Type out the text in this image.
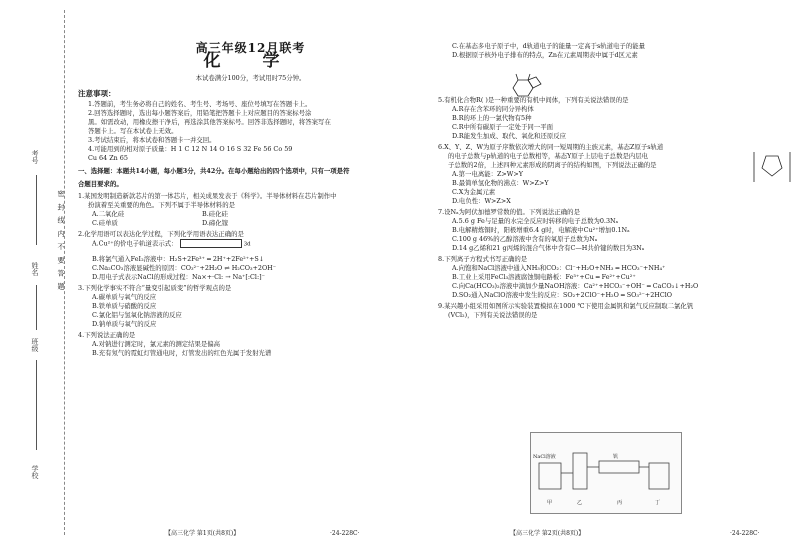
考号
姓名
班级
学校
密 封 线 内 不 要 答 题
高三年级12月联考
化 学
本试卷满分100分，考试用时75分钟。
注意事项：
1.答题前，考生务必将自己的姓名、考生号、考场号、座位号填写在答题卡上。
2.回答选择题时，选出每小题答案后，用铅笔把答题卡上对应题目的答案标号涂
黑。如需改动，用橡皮擦干净后，再选涂其他答案标号。回答非选择题时，将答案写在
答题卡上。写在本试卷上无效。
3.考试结束后，将本试卷和答题卡一并交回。
4.可能用到的相对原子质量：H 1 C 12 N 14 O 16 S 32 Fe 56 Co 59
Cu 64 Zn 65
一、选择题：本题共14小题，每小题3分，共42分。在每小题给出的四个选项中，只有一项是符
合题目要求的。
1.某国发明制造新款芯片的第一体芯片，相关成果发表于《科学》。半导体材料在芯片制作中
扮演着至关重要的角色。下列不属于半导体材料的是
A.二氧化硅	B.硅化硅
C.硅单质	D.碲化镓
2.化学用语可以表达化学过程，下列化学用语表达正确的是
A.Cu²⁺的价电子轨道表示式：	3d
B.将氯气通入FeI₂溶液中：H₂S+2Fe³⁺ ═ 2H⁺+2Fe²⁺+S↓
C.Na₂CO₃溶液显碱性的原因：CO₃²⁻+2H₂O ⇌ H₂CO₃+2OH⁻
D.用电子式表示NaCl的形成过程：Na×+·Cl: → Na⁺[:Cl:]⁻
3.下列化学事实不符合“量变引起质变”的哲学观点的是
A.碳单质与氧气的反应
B.铁单质与硝酸的反应
C.氯化铝与氢氧化钠溶液的反应
D.钠单质与氧气的反应
4.下列说法正确的是
A.对钠进行测定时，氯元素的测定结果是偏高
B.充有氖气的霓虹灯管通电时，灯管发出的红色光属于发射光谱
【高三化学 第1页(共8页)】	·24-228C·
C.在基态多电子原子中，d轨道电子的能量一定高于s轨道电子的能量
D.根据原子核外电子排布的特点，Zn在元素周期表中属于d区元素
5.有机化合物R( )是一种重要的有机中间体，下列有关说法错误的是
A.R存在含苯环的同分异构体
B.R的环上的一氯代物有5种
C.R中所有碳原子一定处于同一平面
D.R能发生加成、取代、氧化和还原反应
6.X、Y、Z、W为原子序数依次增大的同一短周期的主族元素，基态Z原子s轨道
的电子总数与p轨道的电子总数相等，基态Y原子上层电子总数是内层电
子总数的2倍，上述四种元素形成的阴离子的结构如图，下列说法正确的是
A.第一电离能：Z>W>Y
B.最简单氢化物的沸点：W>Z>Y
C.X为金属元素
D.电负性：W>Z>X
7.设Nₐ为阿伏加德罗常数的值。下列说法正确的是
A.5.6 g Fe与足量的水完全反应时转移的电子总数为0.3Nₐ
B.电解精炼铜时，阳极增重6.4 g时，电解液中Cu²⁺增加0.1Nₐ
C.100 g 46%的乙醇溶液中含有的氧原子总数为Nₐ
D.14 g乙烯和21 g丙烯的混合气体中含有C—H共价键的数目为3Nₐ
8.下列离子方程式书写正确的是
A.向饱和NaCl溶液中通入NH₃和CO₂：Cl⁻+H₂O+NH₃ ═ HCO₃⁻+NH₄⁺
B.工业上采用FeCl₃溶液腐蚀铜电路板：Fe³⁺+Cu ═ Fe²⁺+Cu²⁺
C.向Ca(HCO₃)₂溶液中滴加少量NaOH溶液：Ca²⁺+HCO₃⁻+OH⁻ ═ CaCO₃↓+H₂O
D.SO₂通入NaClO溶液中发生的反应：SO₂+2ClO⁻+H₂O ═ SO₃²⁻+2HClO
9.某兴趣小组采用如图所示实验装置模拟在1000 ℃下使用金属钒和氯气反应制取二氯化钒
(VCl₂)，下列有关说法错误的是
NaCl溶液	钒
甲	乙	丙	丁
【高三化学 第2页(共8页)】	·24-228C·
